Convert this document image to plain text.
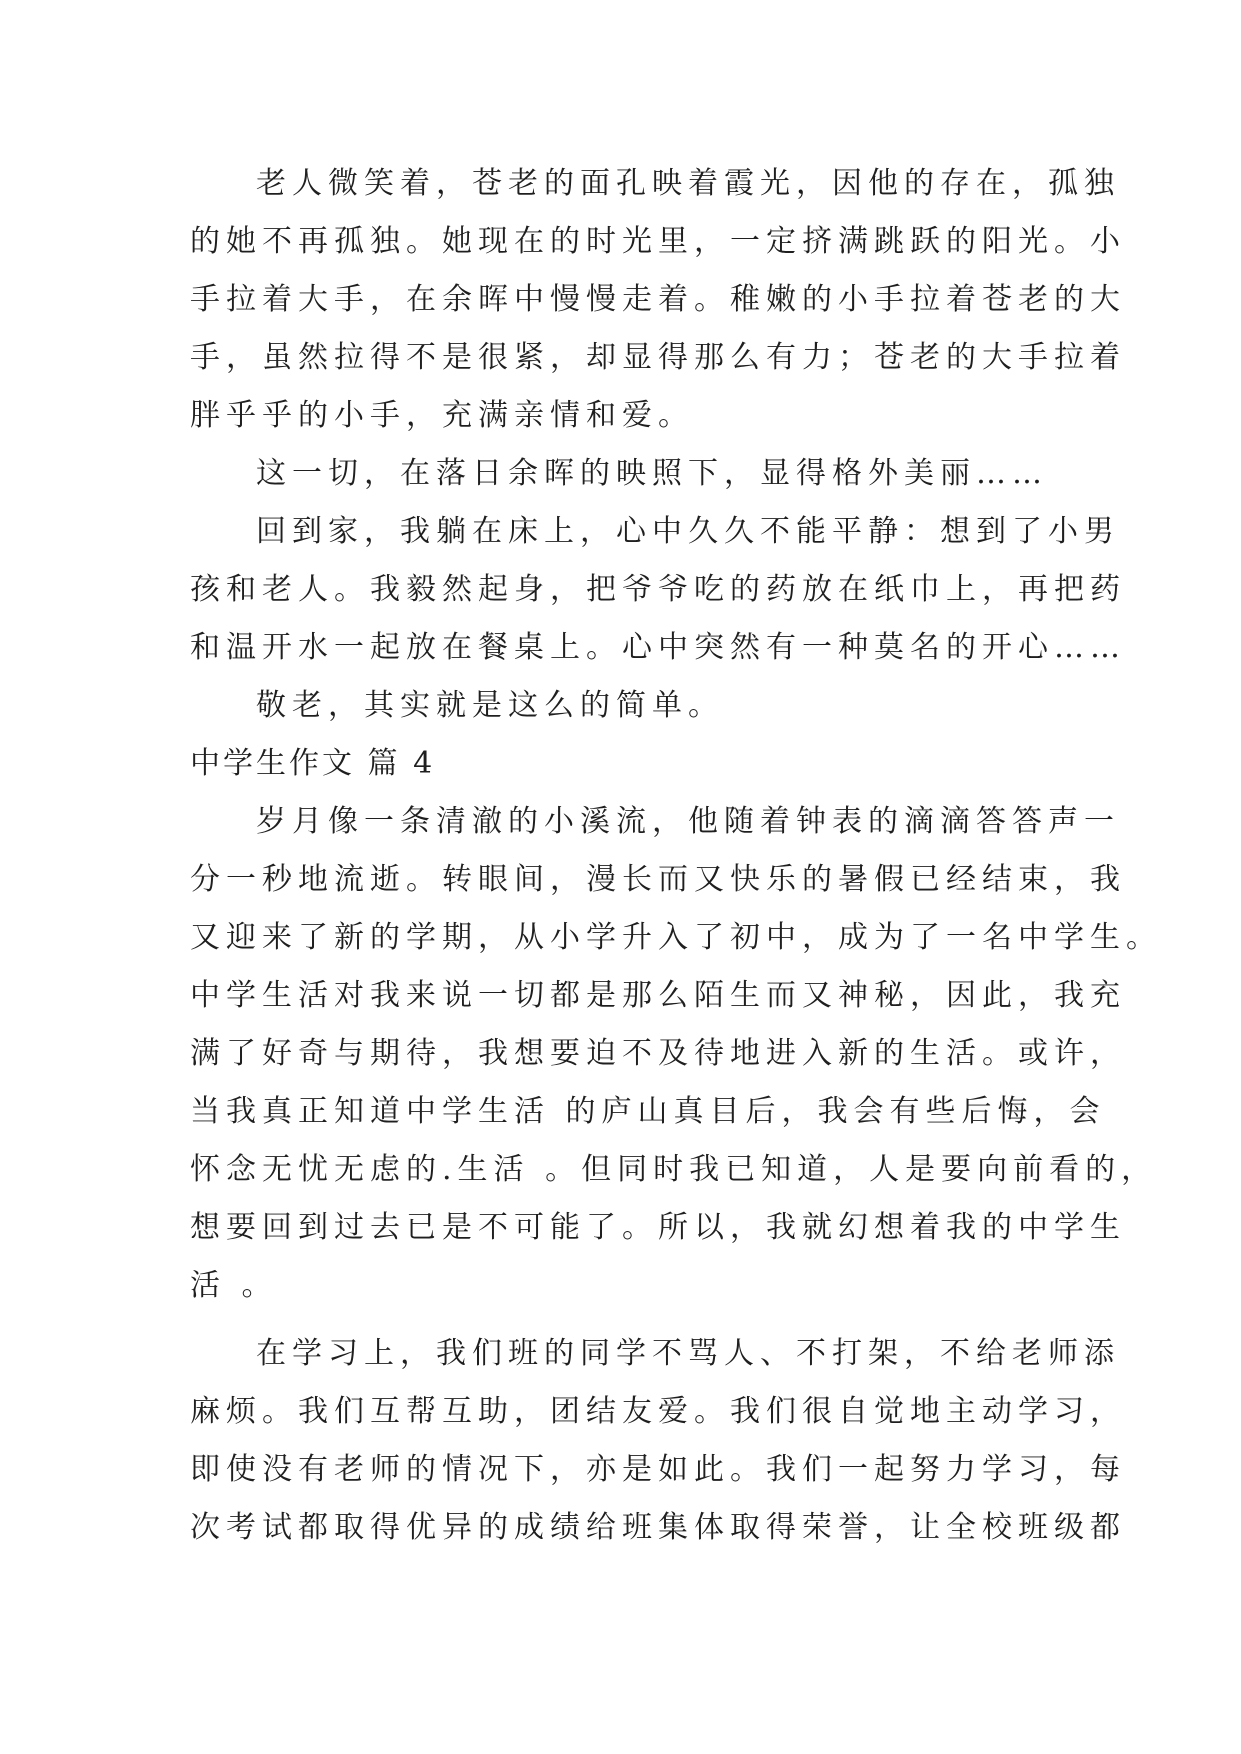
老人微笑着，苍老的面孔映着霞光，因他的存在，孤独
的她不再孤独。她现在的时光里，一定挤满跳跃的阳光。小
手拉着大手，在余晖中慢慢走着。稚嫩的小手拉着苍老的大
手，虽然拉得不是很紧，却显得那么有力；苍老的大手拉着
胖乎乎的小手，充满亲情和爱。
这一切，在落日余晖的映照下，显得格外美丽……
回到家，我躺在床上，心中久久不能平静：想到了小男
孩和老人。我毅然起身，把爷爷吃的药放在纸巾上，再把药
和温开水一起放在餐桌上。心中突然有一种莫名的开心……
敬老，其实就是这么的简单。
中学生作文 篇 4
岁月像一条清澈的小溪流，他随着钟表的滴滴答答声一
分一秒地流逝。转眼间，漫长而又快乐的暑假已经结束，我
又迎来了新的学期，从小学升入了初中，成为了一名中学生。
中学生活对我来说一切都是那么陌生而又神秘，因此，我充
满了好奇与期待，我想要迫不及待地进入新的生活。或许，
当我真正知道中学生活 的庐山真目后，我会有些后悔，会
怀念无忧无虑的.生活 。但同时我已知道，人是要向前看的，
想要回到过去已是不可能了。所以，我就幻想着我的中学生
活 。
在学习上，我们班的同学不骂人、不打架，不给老师添
麻烦。我们互帮互助，团结友爱。我们很自觉地主动学习，
即使没有老师的情况下，亦是如此。我们一起努力学习，每
次考试都取得优异的成绩给班集体取得荣誉，让全校班级都
